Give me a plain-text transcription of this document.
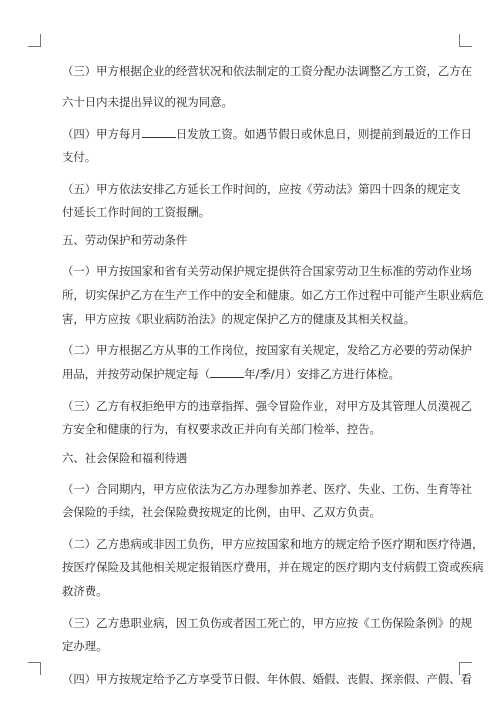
（三）甲方根据企业的经营状况和依法制定的工资分配办法调整乙方工资，乙方在
六十日内未提出异议的视为同意。
（四）甲方每月	日发放工资。如遇节假日或休息日，则提前到最近的工作日
支付。
（五）甲方依法安排乙方延长工作时间的，应按《劳动法》第四十四条的规定支
付延长工作时间的工资报酬。
五、劳动保护和劳动条件
（一）甲方按国家和省有关劳动保护规定提供符合国家劳动卫生标准的劳动作业场
所，切实保护乙方在生产工作中的安全和健康。如乙方工作过程中可能产生职业病危
害，甲方应按《职业病防治法》的规定保护乙方的健康及其相关权益。
（二）甲方根据乙方从事的工作岗位，按国家有关规定，发给乙方必要的劳动保护
用品，并按劳动保护规定每（	年/季/月）安排乙方进行体检。
（三）乙方有权拒绝甲方的违章指挥、强令冒险作业，对甲方及其管理人员漠视乙
方安全和健康的行为，有权要求改正并向有关部门检举、控告。
六、社会保险和福利待遇
（一）合同期内，甲方应依法为乙方办理参加养老、医疗、失业、工伤、生育等社
会保险的手续，社会保险费按规定的比例，由甲、乙双方负责。
（二）乙方患病或非因工负伤，甲方应按国家和地方的规定给予医疗期和医疗待遇，
按医疗保险及其他相关规定报销医疗费用，并在规定的医疗期内支付病假工资或疾病
救济费。
（三）乙方患职业病，因工负伤或者因工死亡的，甲方应按《工伤保险条例》的规
定办理。
（四）甲方按规定给予乙方享受节日假、年休假、婚假、丧假、探亲假、产假、看
